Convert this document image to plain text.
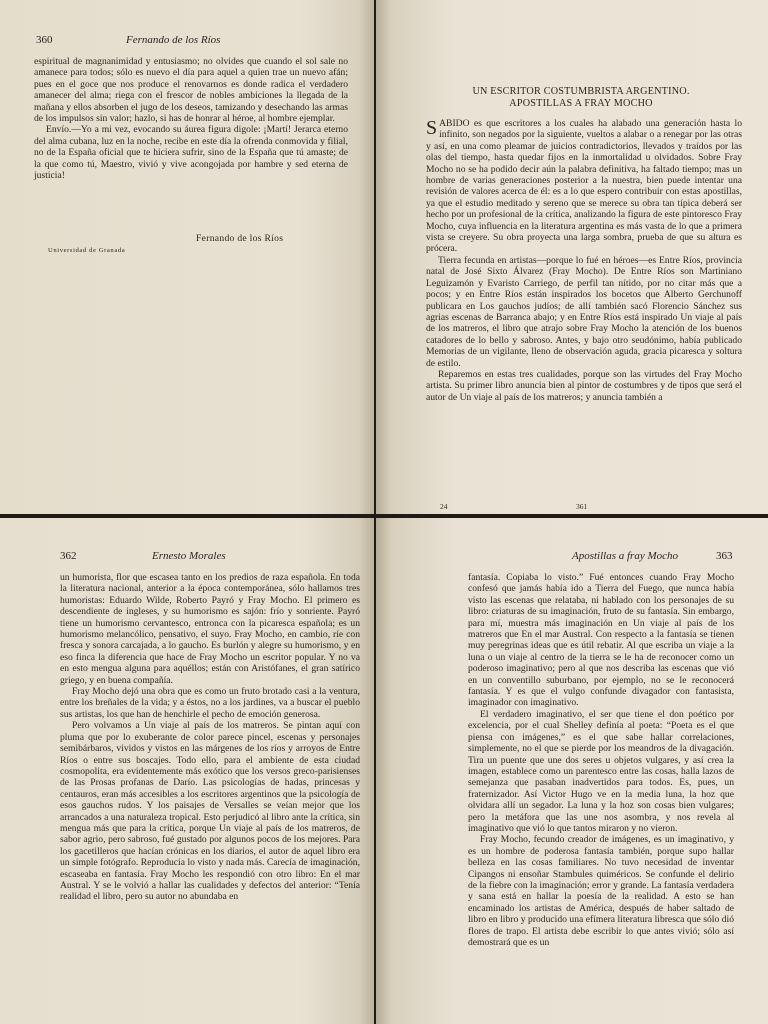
360	Fernando de los Ríos

espiritual de magnanimidad y entusiasmo; no olvides que cuando el sol sale no amanece para todos; sólo es nuevo el día para aquel a quien trae un nuevo afán; pues en el goce que nos produce el renovarnos es donde radica el verdadero amanecer del alma; riega con el frescor de nobles ambiciones la llegada de la mañana y ellos absorben el jugo de los deseos, tamizando y desechando las armas de los impulsos sin valor; hazlo, si has de honrar al héroe, al hombre ejemplar.

Envío.—Yo a mi vez, evocando su áurea figura digole: ¡Martí! Jerarca eterno del alma cubana, luz en la noche, recibe en este día la ofrenda conmovida y filial, no de la España oficial que te hiciera sufrir, sino de la España que tú amaste; de la que como tú, Maestro, vivió y vive acongojada por hambre y sed eterna de justicia!

Fernando de los Ríos
Universidad de Granada
UN ESCRITOR COSTUMBRISTA ARGENTINO.
APOSTILLAS A FRAY MOCHO

SABIDO es que escritores a los cuales ha alabado una generación hasta lo infinito, son negados por la siguiente, vueltos a alabar o a renegar por las otras y así, en una como pleamar de juicios contradictorios, llevados y traídos por las olas del tiempo, hasta quedar fijos en la inmortalidad u olvidados. Sobre Fray Mocho no se ha podido decir aún la palabra definitiva, ha faltado tiempo; mas un hombre de varias generaciones posterior a la nuestra, bien puede intentar una revisión de valores acerca de él: es a lo que espero contribuir con estas apostillas, ya que el estudio meditado y sereno que se merece su obra tan típica deberá ser hecho por un profesional de la crítica, analizando la figura de este pintoresco Fray Mocho, cuya influencia en la literatura argentina es más vasta de lo que a primera vista se creyere. Su obra proyecta una larga sombra, prueba de que su altura es prócera.

Tierra fecunda en artistas—porque lo fué en héroes—es Entre Ríos, provincia natal de José Sixto Álvarez (Fray Mocho). De Entre Ríos son Martiniano Leguizamón y Evaristo Carriego, de perfil tan nítido, por no citar más que a pocos; y en Entre Ríos están inspirados los bocetos que Alberto Gerchunoff publicara en Los gauchos judíos; de allí también sacó Florencio Sánchez sus agrias escenas de Barranca abajo; y en Entre Ríos está inspirado Un viaje al país de los matreros, el libro que atrajo sobre Fray Mocho la atención de los buenos catadores de lo bello y sabroso. Antes, y bajo otro seudónimo, había publicado Memorias de un vigilante, lleno de observación aguda, gracia picaresca y soltura de estilo.

Reparemos en estas tres cualidades, porque son las virtudes del Fray Mocho artista. Su primer libro anuncia bien al pintor de costumbres y de tipos que será el autor de Un viaje al país de los matreros; y anuncia también a

24	361
362	Ernesto Morales

un humorista, flor que escasea tanto en los predios de raza española. En toda la literatura nacional, anterior a la época contemporánea, sólo hallamos tres humoristas: Eduardo Wilde, Roberto Payró y Fray Mocho. El primero es descendiente de ingleses, y su humorismo es sajón: frío y sonriente. Payró tiene un humorismo cervantesco, entronca con la picaresca española; es un humorismo melancólico, pensativo, el suyo. Fray Mocho, en cambio, ríe con fresca y sonora carcajada, a lo gaucho. Es burlón y alegre su humorismo, y en eso finca la diferencia que hace de Fray Mocho un escritor popular. Y no va en esto mengua alguna para aquéllos; están con Aristófanes, el gran satírico griego, y en buena compañía.

Fray Mocho dejó una obra que es como un fruto brotado casi a la ventura, entre los breñales de la vida; y a éstos, no a los jardines, va a buscar el pueblo sus artistas, los que han de henchirle el pecho de emoción generosa.

Pero volvamos a Un viaje al país de los matreros. Se pintan aquí con pluma que por lo exuberante de color parece pincel, escenas y personajes semibárbaros, vividos y vistos en las márgenes de los ríos y arroyos de Entre Ríos o entre sus boscajes. Todo ello, para el ambiente de esta ciudad cosmopolita, era evidentemente más exótico que los versos greco-parisienses de las Prosas profanas de Darío. Las psicologías de hadas, princesas y centauros, eran más accesibles a los escritores argentinos que la psicología de esos gauchos rudos. Y los paisajes de Versalles se veían mejor que los arrancados a una naturaleza tropical. Esto perjudicó al libro ante la crítica, sin mengua más que para la crítica, porque Un viaje al país de los matreros, de sabor agrio, pero sabroso, fué gustado por algunos pocos de los mejores. Para los gacetilleros que hacían crónicas en los diarios, el autor de aquel libro era un simple fotógrafo. Reproducía lo visto y nada más. Carecía de imaginación, escaseaba en fantasía. Fray Mocho les respondió con otro libro: En el mar Austral. Y se le volvió a hallar las cualidades y defectos del anterior: “Tenía realidad el libro, pero su autor no abundaba en

Apostillas a fray Mocho	363

fantasía. Copiaba lo visto.” Fué entonces cuando Fray Mocho confesó que jamás había ido a Tierra del Fuego, que nunca había visto las escenas que relataba, ni hablado con los personajes de su libro: criaturas de su imaginación, fruto de su fantasía. Sin embargo, para mí, muestra más imaginación en Un viaje al país de los matreros que En el mar Austral. Con respecto a la fantasía se tienen muy peregrinas ideas que es útil rebatir. Al que escriba un viaje a la luna o un viaje al centro de la tierra se le ha de reconocer como un poderoso imaginativo; pero al que nos describa las escenas que vió en un conventillo suburbano, por ejemplo, no se le reconocerá fantasía. Y es que el vulgo confunde divagador con fantasista, imaginador con imaginativo.

El verdadero imaginativo, el ser que tiene el don poético por excelencia, por el cual Shelley definía al poeta: “Poeta es el que piensa con imágenes,” es el que sabe hallar correlaciones, simplemente, no el que se pierde por los meandros de la divagación. Tira un puente que une dos seres u objetos vulgares, y así crea la imagen, establece como un parentesco entre las cosas, halla lazos de semejanza que pasaban inadvertidos para todos. Es, pues, un fraternizador. Así Victor Hugo ve en la media luna, la hoz que olvidara allí un segador. La luna y la hoz son cosas bien vulgares; pero la metáfora que las une nos asombra, y nos revela al imaginativo que vió lo que tantos miraron y no vieron.

Fray Mocho, fecundo creador de imágenes, es un imaginativo, y es un hombre de poderosa fantasía también, porque supo hallar belleza en las cosas familiares. No tuvo necesidad de inventar Cipangos ni ensoñar Stambules quiméricos. Se confunde el delirio de la fiebre con la imaginación; error y grande. La fantasía verdadera y sana está en hallar la poesía de la realidad. A esto se han encaminado los artistas de América, después de haber saltado de libro en libro y producido una efímera literatura libresca que sólo dió flores de trapo. El artista debe escribir lo que antes vivió; sólo así demostrará que es un
